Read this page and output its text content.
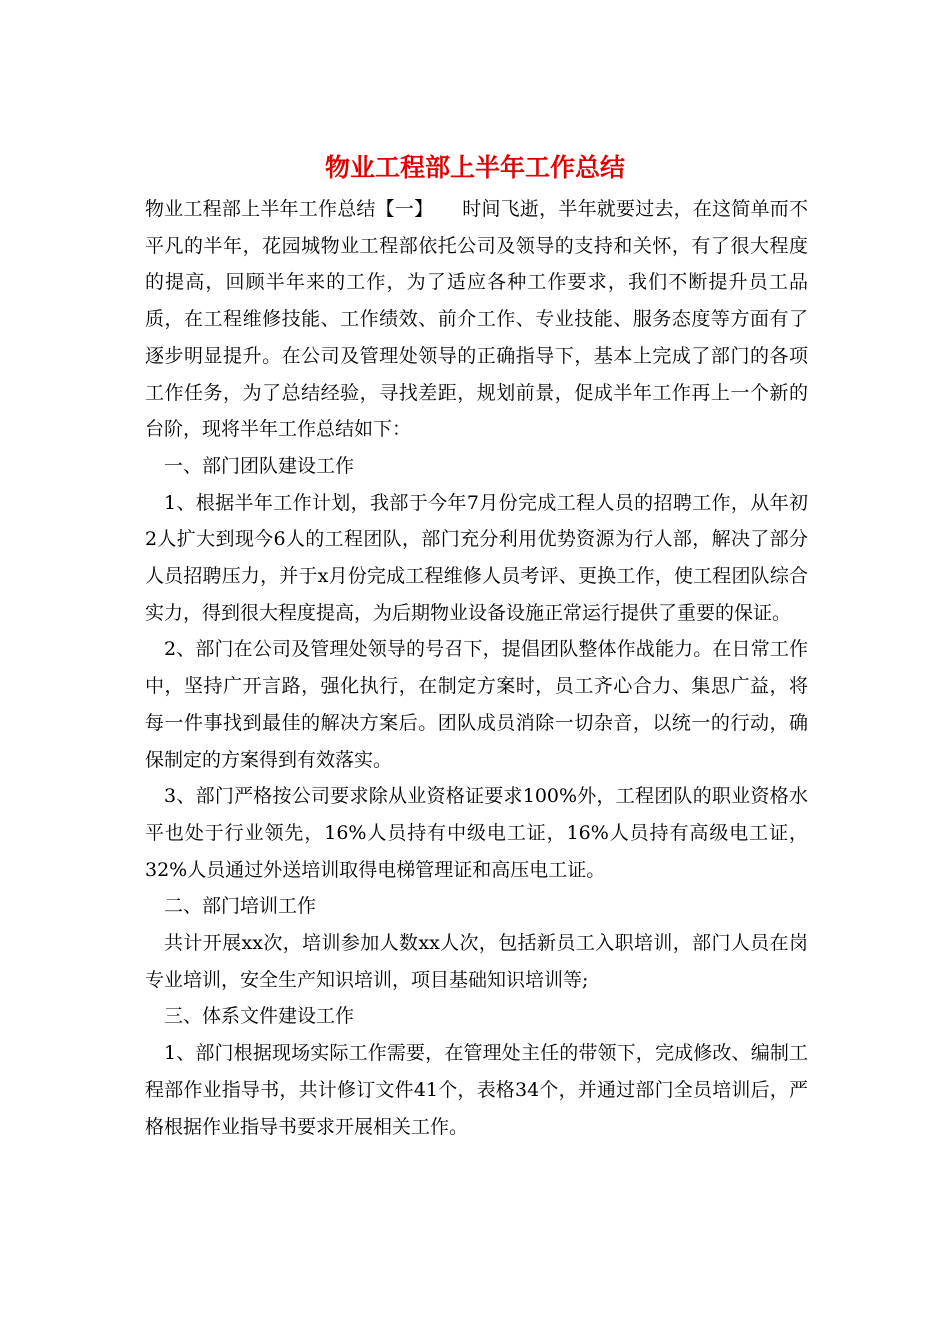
物业工程部上半年工作总结

物业工程部上半年工作总结【一】　　时间飞逝，半年就要过去，在这简单而不平凡的半年，花园城物业工程部依托公司及领导的支持和关怀，有了很大程度的提高，回顾半年来的工作，为了适应各种工作要求，我们不断提升员工品质，在工程维修技能、工作绩效、前介工作、专业技能、服务态度等方面有了逐步明显提升。在公司及管理处领导的正确指导下，基本上完成了部门的各项工作任务，为了总结经验，寻找差距，规划前景，促成半年工作再上一个新的台阶，现将半年工作总结如下：

一、部门团队建设工作

1、根据半年工作计划，我部于今年7月份完成工程人员的招聘工作，从年初2人扩大到现今6人的工程团队，部门充分利用优势资源为行人部，解决了部分人员招聘压力，并于x月份完成工程维修人员考评、更换工作，使工程团队综合实力，得到很大程度提高，为后期物业设备设施正常运行提供了重要的保证。

2、部门在公司及管理处领导的号召下，提倡团队整体作战能力。在日常工作中，坚持广开言路，强化执行，在制定方案时，员工齐心合力、集思广益，将每一件事找到最佳的解决方案后。团队成员消除一切杂音，以统一的行动，确保制定的方案得到有效落实。

3、部门严格按公司要求除从业资格证要求100%外，工程团队的职业资格水平也处于行业领先，16%人员持有中级电工证，16%人员持有高级电工证，32%人员通过外送培训取得电梯管理证和高压电工证。

二、部门培训工作

共计开展xx次，培训参加人数xx人次，包括新员工入职培训，部门人员在岗专业培训，安全生产知识培训，项目基础知识培训等;

三、体系文件建设工作

1、部门根据现场实际工作需要，在管理处主任的带领下，完成修改、编制工程部作业指导书，共计修订文件41个，表格34个，并通过部门全员培训后，严格根据作业指导书要求开展相关工作。
